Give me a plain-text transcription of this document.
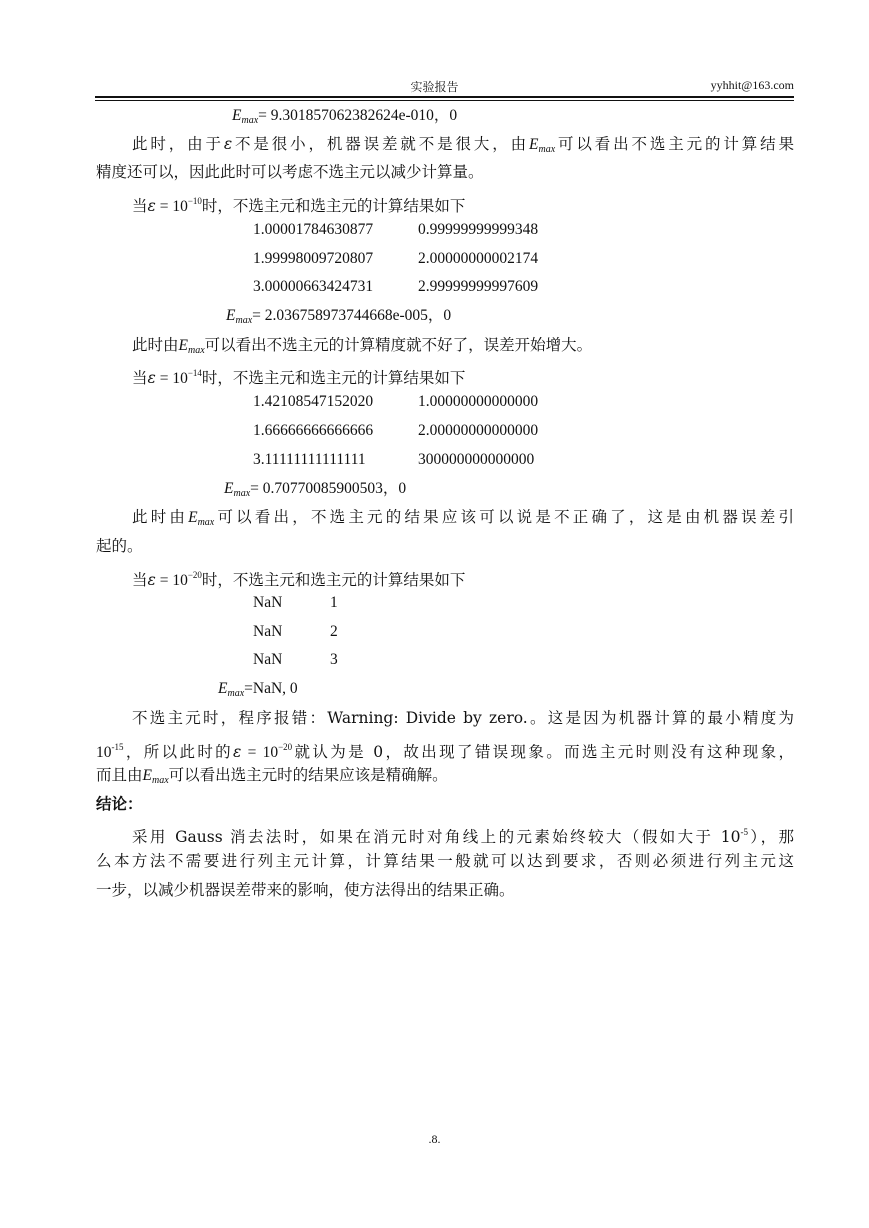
实验报告	yyhhit@163.com
$E_{max}= 9.301857062382624e-010$，0
此时，由于ε不是很小，机器误差就不是很大，由$E_{max}$可以看出不选主元的计算结果
精度还可以，因此此时可以考虑不选主元以减少计算量。
当$\varepsilon = 10^{-10}$时，不选主元和选主元的计算结果如下
1.00001784630877	0.99999999999348
1.99998009720807	2.00000000002174
3.00000663424731	2.99999999997609
$E_{max}= 2.036758973744668e-005$，0
此时由$E_{max}$可以看出不选主元的计算精度就不好了，误差开始增大。
当$\varepsilon = 10^{-14}$时，不选主元和选主元的计算结果如下
1.42108547152020	1.00000000000000
1.66666666666666	2.00000000000000
3.11111111111111	300000000000000
$E_{max}= 0.70770085900503$，0
此时由$E_{max}$可以看出，不选主元的结果应该可以说是不正确了，这是由机器误差引
起的。
当$\varepsilon = 10^{-20}$时，不选主元和选主元的计算结果如下
NaN	1
NaN	2
NaN	3
$E_{max}=NaN$, 0
不选主元时，程序报错：Warning: Divide by zero.。这是因为机器计算的最小精度为
$10^{-15}$，所以此时的$\varepsilon = 10^{-20}$就认为是 0，故出现了错误现象。而选主元时则没有这种现象，
而且由$E_{max}$可以看出选主元时的结果应该是精确解。
结论：
采用 Gauss 消去法时，如果在消元时对角线上的元素始终较大（假如大于 $10^{-5}$），那
么本方法不需要进行列主元计算，计算结果一般就可以达到要求，否则必须进行列主元这
一步，以减少机器误差带来的影响，使方法得出的结果正确。
.8.
